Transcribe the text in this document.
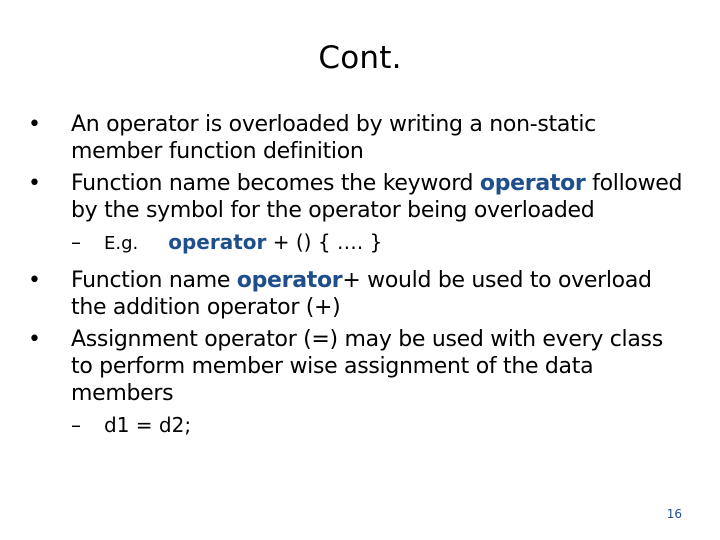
Cont.
• An operator is overloaded by writing a non-static member function definition
• Function name becomes the keyword operator followed by the symbol for the operator being overloaded
– E.g. operator + () { …. }
• Function name operator+ would be used to overload the addition operator (+)
• Assignment operator (=) may be used with every class to perform member wise assignment of the data members
– d1 = d2;
16
